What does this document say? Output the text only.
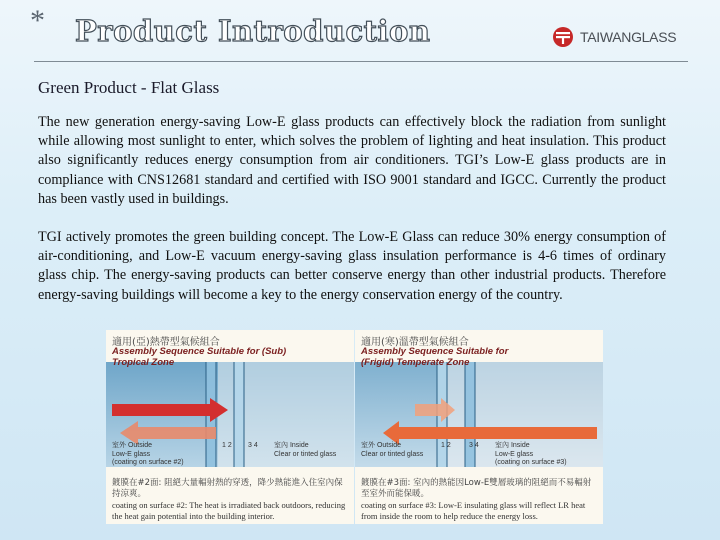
* Product Introduction	TAIWANGLASS
Green Product - Flat Glass

The new generation energy-saving Low-E glass products can effectively block the radiation from sunlight while allowing most sunlight to enter, which solves the problem of lighting and heat insulation. This product also significantly reduces energy consumption from air conditioners. TGI’s Low-E glass products are in compliance with CNS12681 standard and certified with ISO 9001 standard and IGCC. Currently the product has been vastly used in buildings.

TGI actively promotes the green building concept. The Low-E Glass can reduce 30% energy consumption of air-conditioning, and Low-E vacuum energy-saving glass insulation performance is 4-6 times of ordinary glass chip. The energy-saving products can better conserve energy than other industrial products. Therefore energy-saving buildings will become a key to the energy conservation energy of the country.

適用(亞)熱帶型氣候組合
Assembly Sequence Suitable for (Sub) Tropical Zone
室外 Outside
Low-E glass
(coating on surface #2)
1 2 3 4 室內 Inside
Clear or tinted glass
鍍膜在#2面: 阻絕大量輻射熱的穿透，降少熱能進入住室內保持涼爽。
coating on surface #2: The heat is irradiated back outdoors, reducing the heat gain potential into the building interior.
適用(寒)溫帶型氣候組合
Assembly Sequence Suitable for (Frigid) Temperate Zone
室外 Outside
Clear or tinted glass
1 2	3 4 室內 Inside
Low-E glass
(coating on surface #3)
鍍膜在#3面: 室內的熱能因Low-E雙層玻璃的阻絕而不易輻射至室外而能保暖。
coating on surface #3: Low-E insulating glass will reflect LR heat from inside the room to help reduce the energy loss.
